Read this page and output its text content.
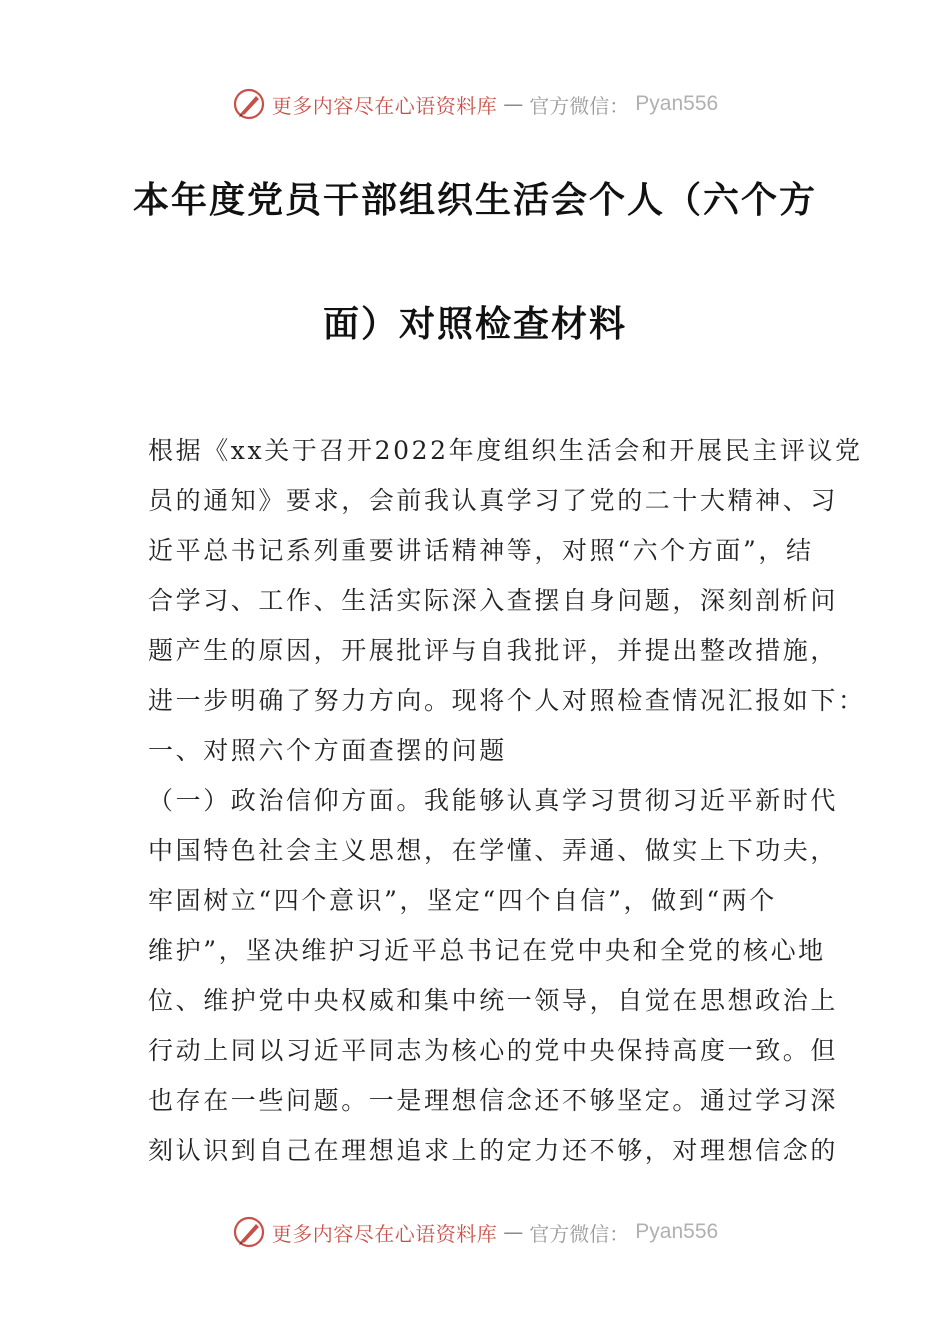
更多内容尽在心语资料库 — 官方微信： Pyan556
本年度党员干部组织生活会个人（六个方
面）对照检查材料
根据《xx关于召开2022年度组织生活会和开展民主评议党
员的通知》要求，会前我认真学习了党的二十大精神、习
近平总书记系列重要讲话精神等，对照“六个方面”，结
合学习、工作、生活实际深入查摆自身问题，深刻剖析问
题产生的原因，开展批评与自我批评，并提出整改措施，
进一步明确了努力方向。现将个人对照检查情况汇报如下：
一、对照六个方面查摆的问题
（一）政治信仰方面。我能够认真学习贯彻习近平新时代
中国特色社会主义思想，在学懂、弄通、做实上下功夫，
牢固树立“四个意识”，坚定“四个自信”，做到“两个
维护”，坚决维护习近平总书记在党中央和全党的核心地
位、维护党中央权威和集中统一领导，自觉在思想政治上
行动上同以习近平同志为核心的党中央保持高度一致。但
也存在一些问题。一是理想信念还不够坚定。通过学习深
刻认识到自己在理想追求上的定力还不够，对理想信念的
更多内容尽在心语资料库 — 官方微信： Pyan556
